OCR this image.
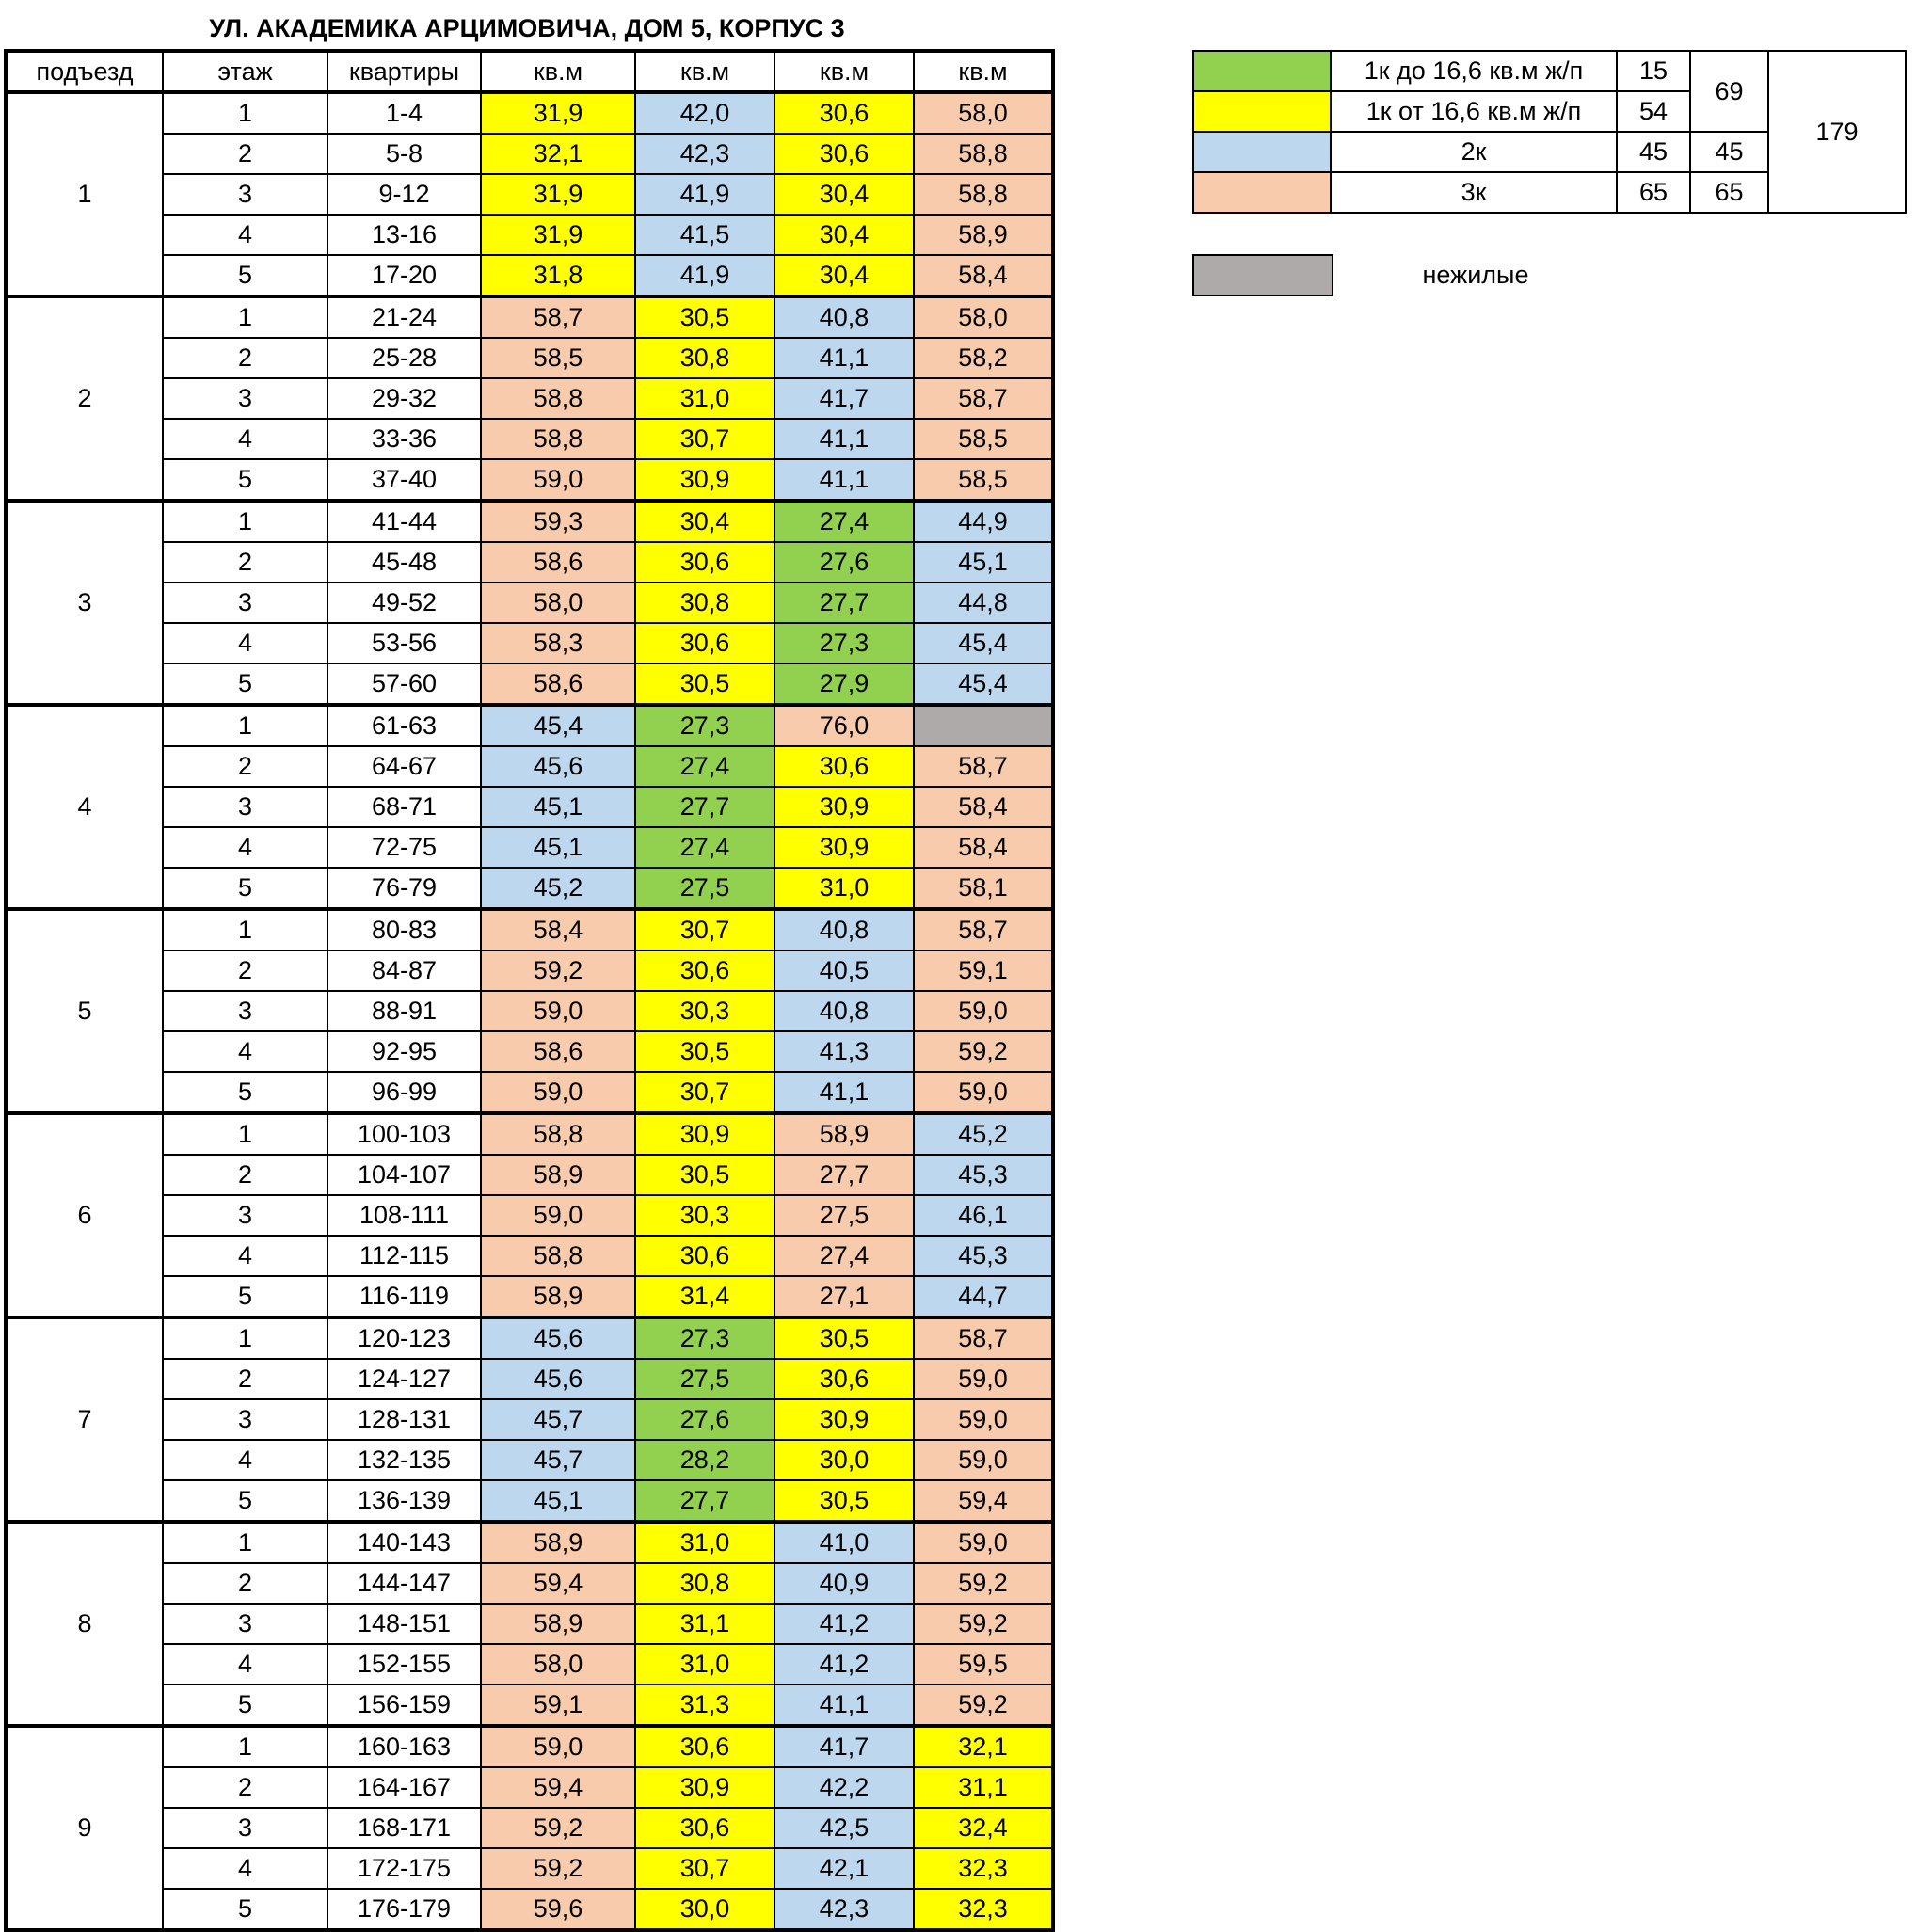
УЛ. АКАДЕМИКА АРЦИМОВИЧА, ДОМ 5, КОРПУС 3
подъезд	этаж	квартиры	кв.м	кв.м	кв.м	кв.м
1	1	1-4	31,9	42,0	30,6	58,0
	2	5-8	32,1	42,3	30,6	58,8
	3	9-12	31,9	41,9	30,4	58,8
	4	13-16	31,9	41,5	30,4	58,9
	5	17-20	31,8	41,9	30,4	58,4
2	1	21-24	58,7	30,5	40,8	58,0
	2	25-28	58,5	30,8	41,1	58,2
	3	29-32	58,8	31,0	41,7	58,7
	4	33-36	58,8	30,7	41,1	58,5
	5	37-40	59,0	30,9	41,1	58,5
3	1	41-44	59,3	30,4	27,4	44,9
	2	45-48	58,6	30,6	27,6	45,1
	3	49-52	58,0	30,8	27,7	44,8
	4	53-56	58,3	30,6	27,3	45,4
	5	57-60	58,6	30,5	27,9	45,4
4	1	61-63	45,4	27,3	76,0	
	2	64-67	45,6	27,4	30,6	58,7
	3	68-71	45,1	27,7	30,9	58,4
	4	72-75	45,1	27,4	30,9	58,4
	5	76-79	45,2	27,5	31,0	58,1
5	1	80-83	58,4	30,7	40,8	58,7
	2	84-87	59,2	30,6	40,5	59,1
	3	88-91	59,0	30,3	40,8	59,0
	4	92-95	58,6	30,5	41,3	59,2
	5	96-99	59,0	30,7	41,1	59,0
6	1	100-103	58,8	30,9	58,9	45,2
	2	104-107	58,9	30,5	27,7	45,3
	3	108-111	59,0	30,3	27,5	46,1
	4	112-115	58,8	30,6	27,4	45,3
	5	116-119	58,9	31,4	27,1	44,7
7	1	120-123	45,6	27,3	30,5	58,7
	2	124-127	45,6	27,5	30,6	59,0
	3	128-131	45,7	27,6	30,9	59,0
	4	132-135	45,7	28,2	30,0	59,0
	5	136-139	45,1	27,7	30,5	59,4
8	1	140-143	58,9	31,0	41,0	59,0
	2	144-147	59,4	30,8	40,9	59,2
	3	148-151	58,9	31,1	41,2	59,2
	4	152-155	58,0	31,0	41,2	59,5
	5	156-159	59,1	31,3	41,1	59,2
9	1	160-163	59,0	30,6	41,7	32,1
	2	164-167	59,4	30,9	42,2	31,1
	3	168-171	59,2	30,6	42,5	32,4
	4	172-175	59,2	30,7	42,1	32,3
	5	176-179	59,6	30,0	42,3	32,3
	1к до 16,6 кв.м ж/п	15	69	179
	1к от 16,6 кв.м ж/п	54		
	2к	45	45	
	3к	65	65	
нежилые
